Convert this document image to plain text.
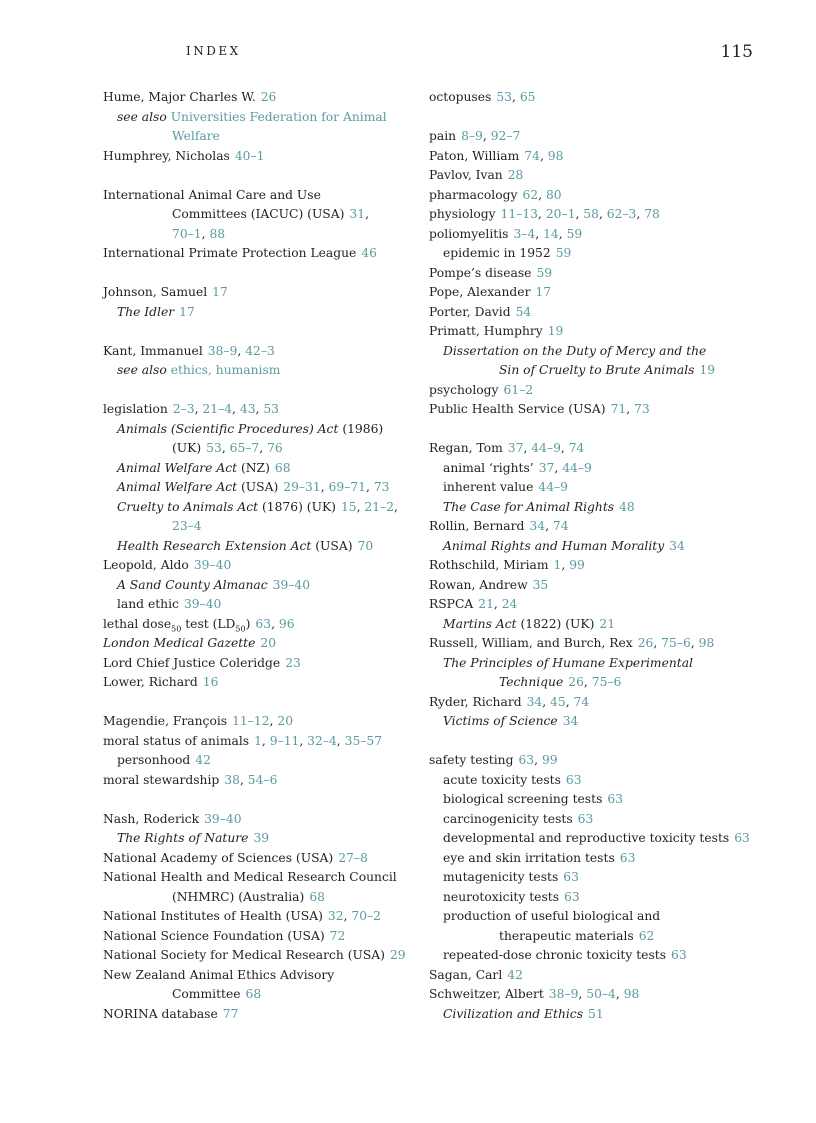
INDEX	115
Hume, Major Charles W. 26
see also Universities Federation for Animal
Welfare
Humphrey, Nicholas 40–1
International Animal Care and Use
Committees (IACUC) (USA) 31,
70–1, 88
International Primate Protection League 46
Johnson, Samuel 17
The Idler 17
Kant, Immanuel 38–9, 42–3
see also ethics, humanism
legislation 2–3, 21–4, 43, 53
Animals (Scientific Procedures) Act (1986)
(UK) 53, 65–7, 76
Animal Welfare Act (NZ) 68
Animal Welfare Act (USA) 29–31, 69–71, 73
Cruelty to Animals Act (1876) (UK) 15, 21–2,
23–4
Health Research Extension Act (USA) 70
Leopold, Aldo 39–40
A Sand County Almanac 39–40
land ethic 39–40
lethal dose$_{50}$ test $(LD_{50})$ 63, 96
London Medical Gazette 20
Lord Chief Justice Coleridge 23
Lower, Richard 16
Magendie, François 11–12, 20
moral status of animals 1, 9–11, 32–4, 35–57
personhood 42
moral stewardship 38, 54–6
Nash, Roderick 39–40
The Rights of Nature 39
National Academy of Sciences (USA) 27–8
National Health and Medical Research Council
(NHMRC) (Australia) 68
National Institutes of Health (USA) 32, 70–2
National Science Foundation (USA) 72
National Society for Medical Research (USA) 29
New Zealand Animal Ethics Advisory
Committee 68
NORINA database 77
octopuses 53, 65
pain 8–9, 92–7
Paton, William 74, 98
Pavlov, Ivan 28
pharmacology 62, 80
physiology 11–13, 20–1, 58, 62–3, 78
poliomyelitis 3–4, 14, 59
epidemic in 1952 59
Pompe’s disease 59
Pope, Alexander 17
Porter, David 54
Primatt, Humphry 19
Dissertation on the Duty of Mercy and the
Sin of Cruelty to Brute Animals 19
psychology 61–2
Public Health Service (USA) 71, 73
Regan, Tom 37, 44–9, 74
animal ‘rights’ 37, 44–9
inherent value 44–9
The Case for Animal Rights 48
Rollin, Bernard 34, 74
Animal Rights and Human Morality 34
Rothschild, Miriam 1, 99
Rowan, Andrew 35
RSPCA 21, 24
Martins Act (1822) (UK) 21
Russell, William, and Burch, Rex 26, 75–6, 98
The Principles of Humane Experimental
Technique 26, 75–6
Ryder, Richard 34, 45, 74
Victims of Science 34
safety testing 63, 99
acute toxicity tests 63
biological screening tests 63
carcinogenicity tests 63
developmental and reproductive toxicity tests 63
eye and skin irritation tests 63
mutagenicity tests 63
neurotoxicity tests 63
production of useful biological and
therapeutic materials 62
repeated-dose chronic toxicity tests 63
Sagan, Carl 42
Schweitzer, Albert 38–9, 50–4, 98
Civilization and Ethics 51
